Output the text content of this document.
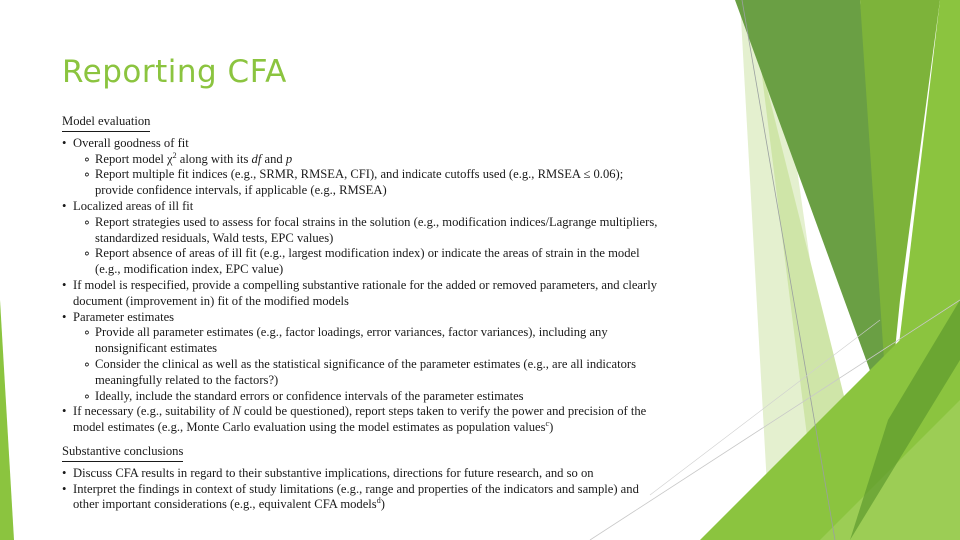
Reporting CFA
Model evaluation
• Overall goodness of fit
∘ Report model $\chi^2$ along with its df and p
∘ Report multiple fit indices (e.g., SRMR, RMSEA, CFI), and indicate cutoffs used (e.g., RMSEA ≤ 0.06); provide confidence intervals, if applicable (e.g., RMSEA)
• Localized areas of ill fit
∘ Report strategies used to assess for focal strains in the solution (e.g., modification indices/Lagrange multipliers, standardized residuals, Wald tests, EPC values)
∘ Report absence of areas of ill fit (e.g., largest modification index) or indicate the areas of strain in the model (e.g., modification index, EPC value)
• If model is respecified, provide a compelling substantive rationale for the added or removed parameters, and clearly document (improvement in) fit of the modified models
• Parameter estimates
∘ Provide all parameter estimates (e.g., factor loadings, error variances, factor variances), including any nonsignificant estimates
∘ Consider the clinical as well as the statistical significance of the parameter estimates (e.g., are all indicators meaningfully related to the factors?)
∘ Ideally, include the standard errors or confidence intervals of the parameter estimates
• If necessary (e.g., suitability of N could be questioned), report steps taken to verify the power and precision of the model estimates (e.g., Monte Carlo evaluation using the model estimates as population values$^c$)
Substantive conclusions
• Discuss CFA results in regard to their substantive implications, directions for future research, and so on
• Interpret the findings in context of study limitations (e.g., range and properties of the indicators and sample) and other important considerations (e.g., equivalent CFA models$^d$)
